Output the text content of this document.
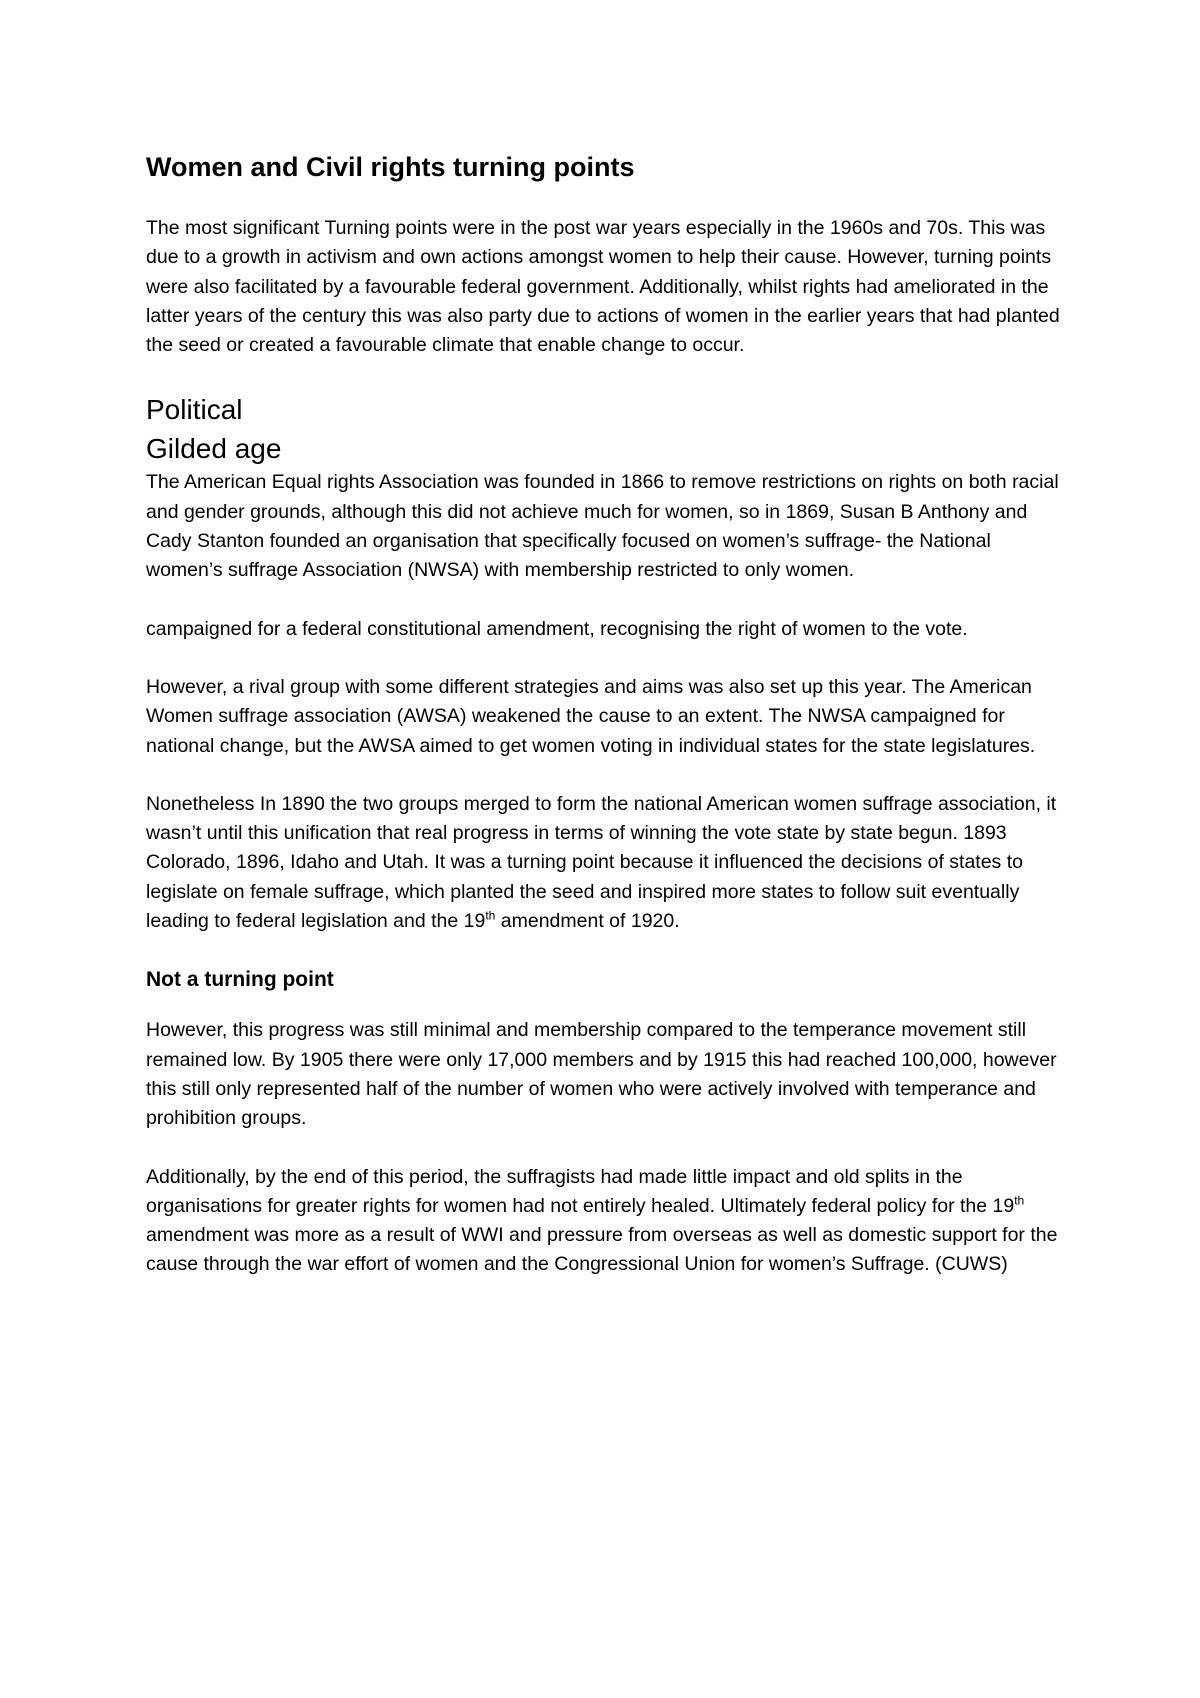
Women and Civil rights turning points

The most significant Turning points were in the post war years especially in the 1960s and 70s. This was due to a growth in activism and own actions amongst women to help their cause. However, turning points were also facilitated by a favourable federal government. Additionally, whilst rights had ameliorated in the latter years of the century this was also party due to actions of women in the earlier years that had planted the seed or created a favourable climate that enable change to occur.

Political
Gilded age

The American Equal rights Association was founded in 1866 to remove restrictions on rights on both racial and gender grounds, although this did not achieve much for women, so in 1869, Susan B Anthony and Cady Stanton founded an organisation that specifically focused on women’s suffrage- the National women’s suffrage Association (NWSA) with membership restricted to only women.

campaigned for a federal constitutional amendment, recognising the right of women to the vote.

However, a rival group with some different strategies and aims was also set up this year. The American Women suffrage association (AWSA) weakened the cause to an extent. The NWSA campaigned for national change, but the AWSA aimed to get women voting in individual states for the state legislatures.

Nonetheless In 1890 the two groups merged to form the national American women suffrage association, it wasn’t until this unification that real progress in terms of winning the vote state by state begun. 1893 Colorado, 1896, Idaho and Utah. It was a turning point because it influenced the decisions of states to legislate on female suffrage, which planted the seed and inspired more states to follow suit eventually leading to federal legislation and the 19th amendment of 1920.

Not a turning point

However, this progress was still minimal and membership compared to the temperance movement still remained low. By 1905 there were only 17,000 members and by 1915 this had reached 100,000, however this still only represented half of the number of women who were actively involved with temperance and prohibition groups.

Additionally, by the end of this period, the suffragists had made little impact and old splits in the organisations for greater rights for women had not entirely healed. Ultimately federal policy for the 19th amendment was more as a result of WWI and pressure from overseas as well as domestic support for the cause through the war effort of women and the Congressional Union for women’s Suffrage. (CUWS)
